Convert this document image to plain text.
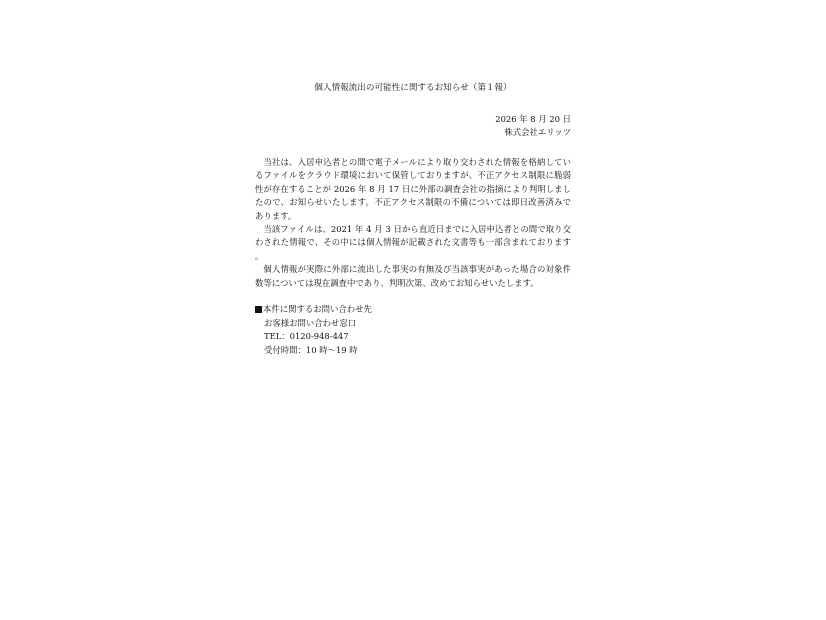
個人情報流出の可能性に関するお知らせ（第１報）
2026 年 8 月 20 日
株式会社エリッツ

当社は、入居申込者との間で電子メールにより取り交わされた情報を格納しているファイルをクラウド環境において保管しておりますが、不正アクセス制限に脆弱性が存在することが 2026 年 8 月 17 日に外部の調査会社の指摘により判明しましたので、お知らせいたします。不正アクセス制限の不備については即日改善済みであります。

当該ファイルは、2021 年 4 月 3 日から直近日までに入居申込者との間で取り交わされた情報で、その中には個人情報が記載された文書等も一部含まれております。

個人情報が実際に外部に流出した事実の有無及び当該事実があった場合の対象件数等については現在調査中であり、判明次第、改めてお知らせいたします。

本件に関するお問い合わせ先
お客様お問い合わせ窓口
TEL：0120-948-447
受付時間：10 時～19 時
